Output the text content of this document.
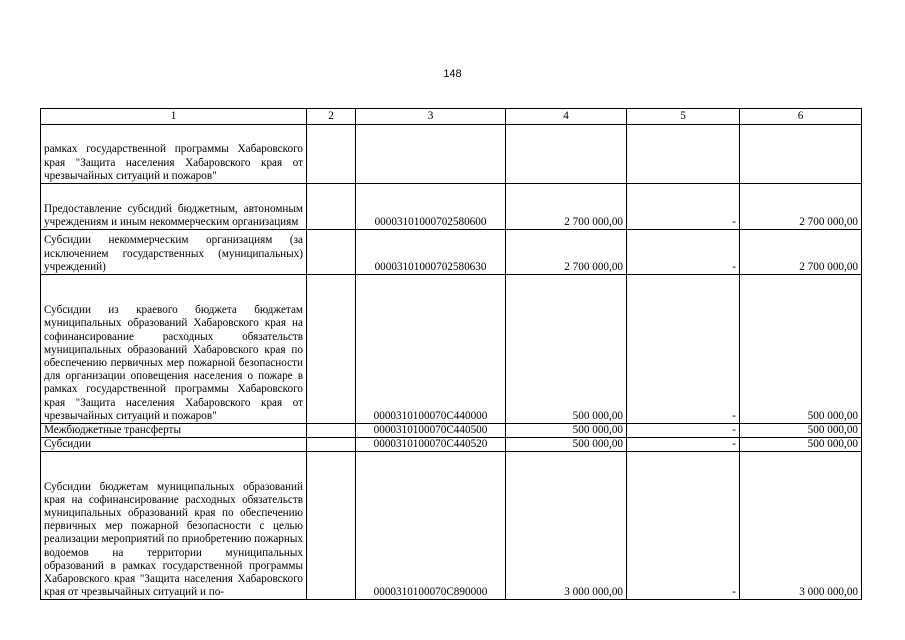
148
1	2	3	4	5	6
рамках государственной программы Хабаровского края "Защита населения Хабаровского края от чрезвычайных ситуаций и пожаров"					
Предоставление субсидий бюджетным, автономным учреждениям и иным некоммерческим организациям		00003101000702580600	2 700 000,00	-	2 700 000,00
Субсидии некоммерческим организациям (за исключением государственных (муниципальных) учреждений)		00003101000702580630	2 700 000,00	-	2 700 000,00
Субсидии из краевого бюджета бюджетам муниципальных образований Хабаровского края на софинансирование расходных обязательств муниципальных образований Хабаровского края по обеспечению первичных мер пожарной безопасности для организации оповещения населения о пожаре в рамках государственной программы Хабаровского края "Защита населения Хабаровского края от чрезвычайных ситуаций и пожаров"		0000310100070С440000	500 000,00	-	500 000,00
Межбюджетные трансферты		0000310100070С440500	500 000,00	-	500 000,00
Субсидии		0000310100070С440520	500 000,00	-	500 000,00
Субсидии бюджетам муниципальных образований края на софинансирование расходных обязательств муниципальных образований края по обеспечению первичных мер пожарной безопасности с целью реализации мероприятий по приобретению пожарных водоемов на территории муниципальных образований в рамках государственной программы Хабаровского края "Защита населения Хабаровского края от чрезвычайных ситуаций и по-		0000310100070С890000	3 000 000,00	-	3 000 000,00
